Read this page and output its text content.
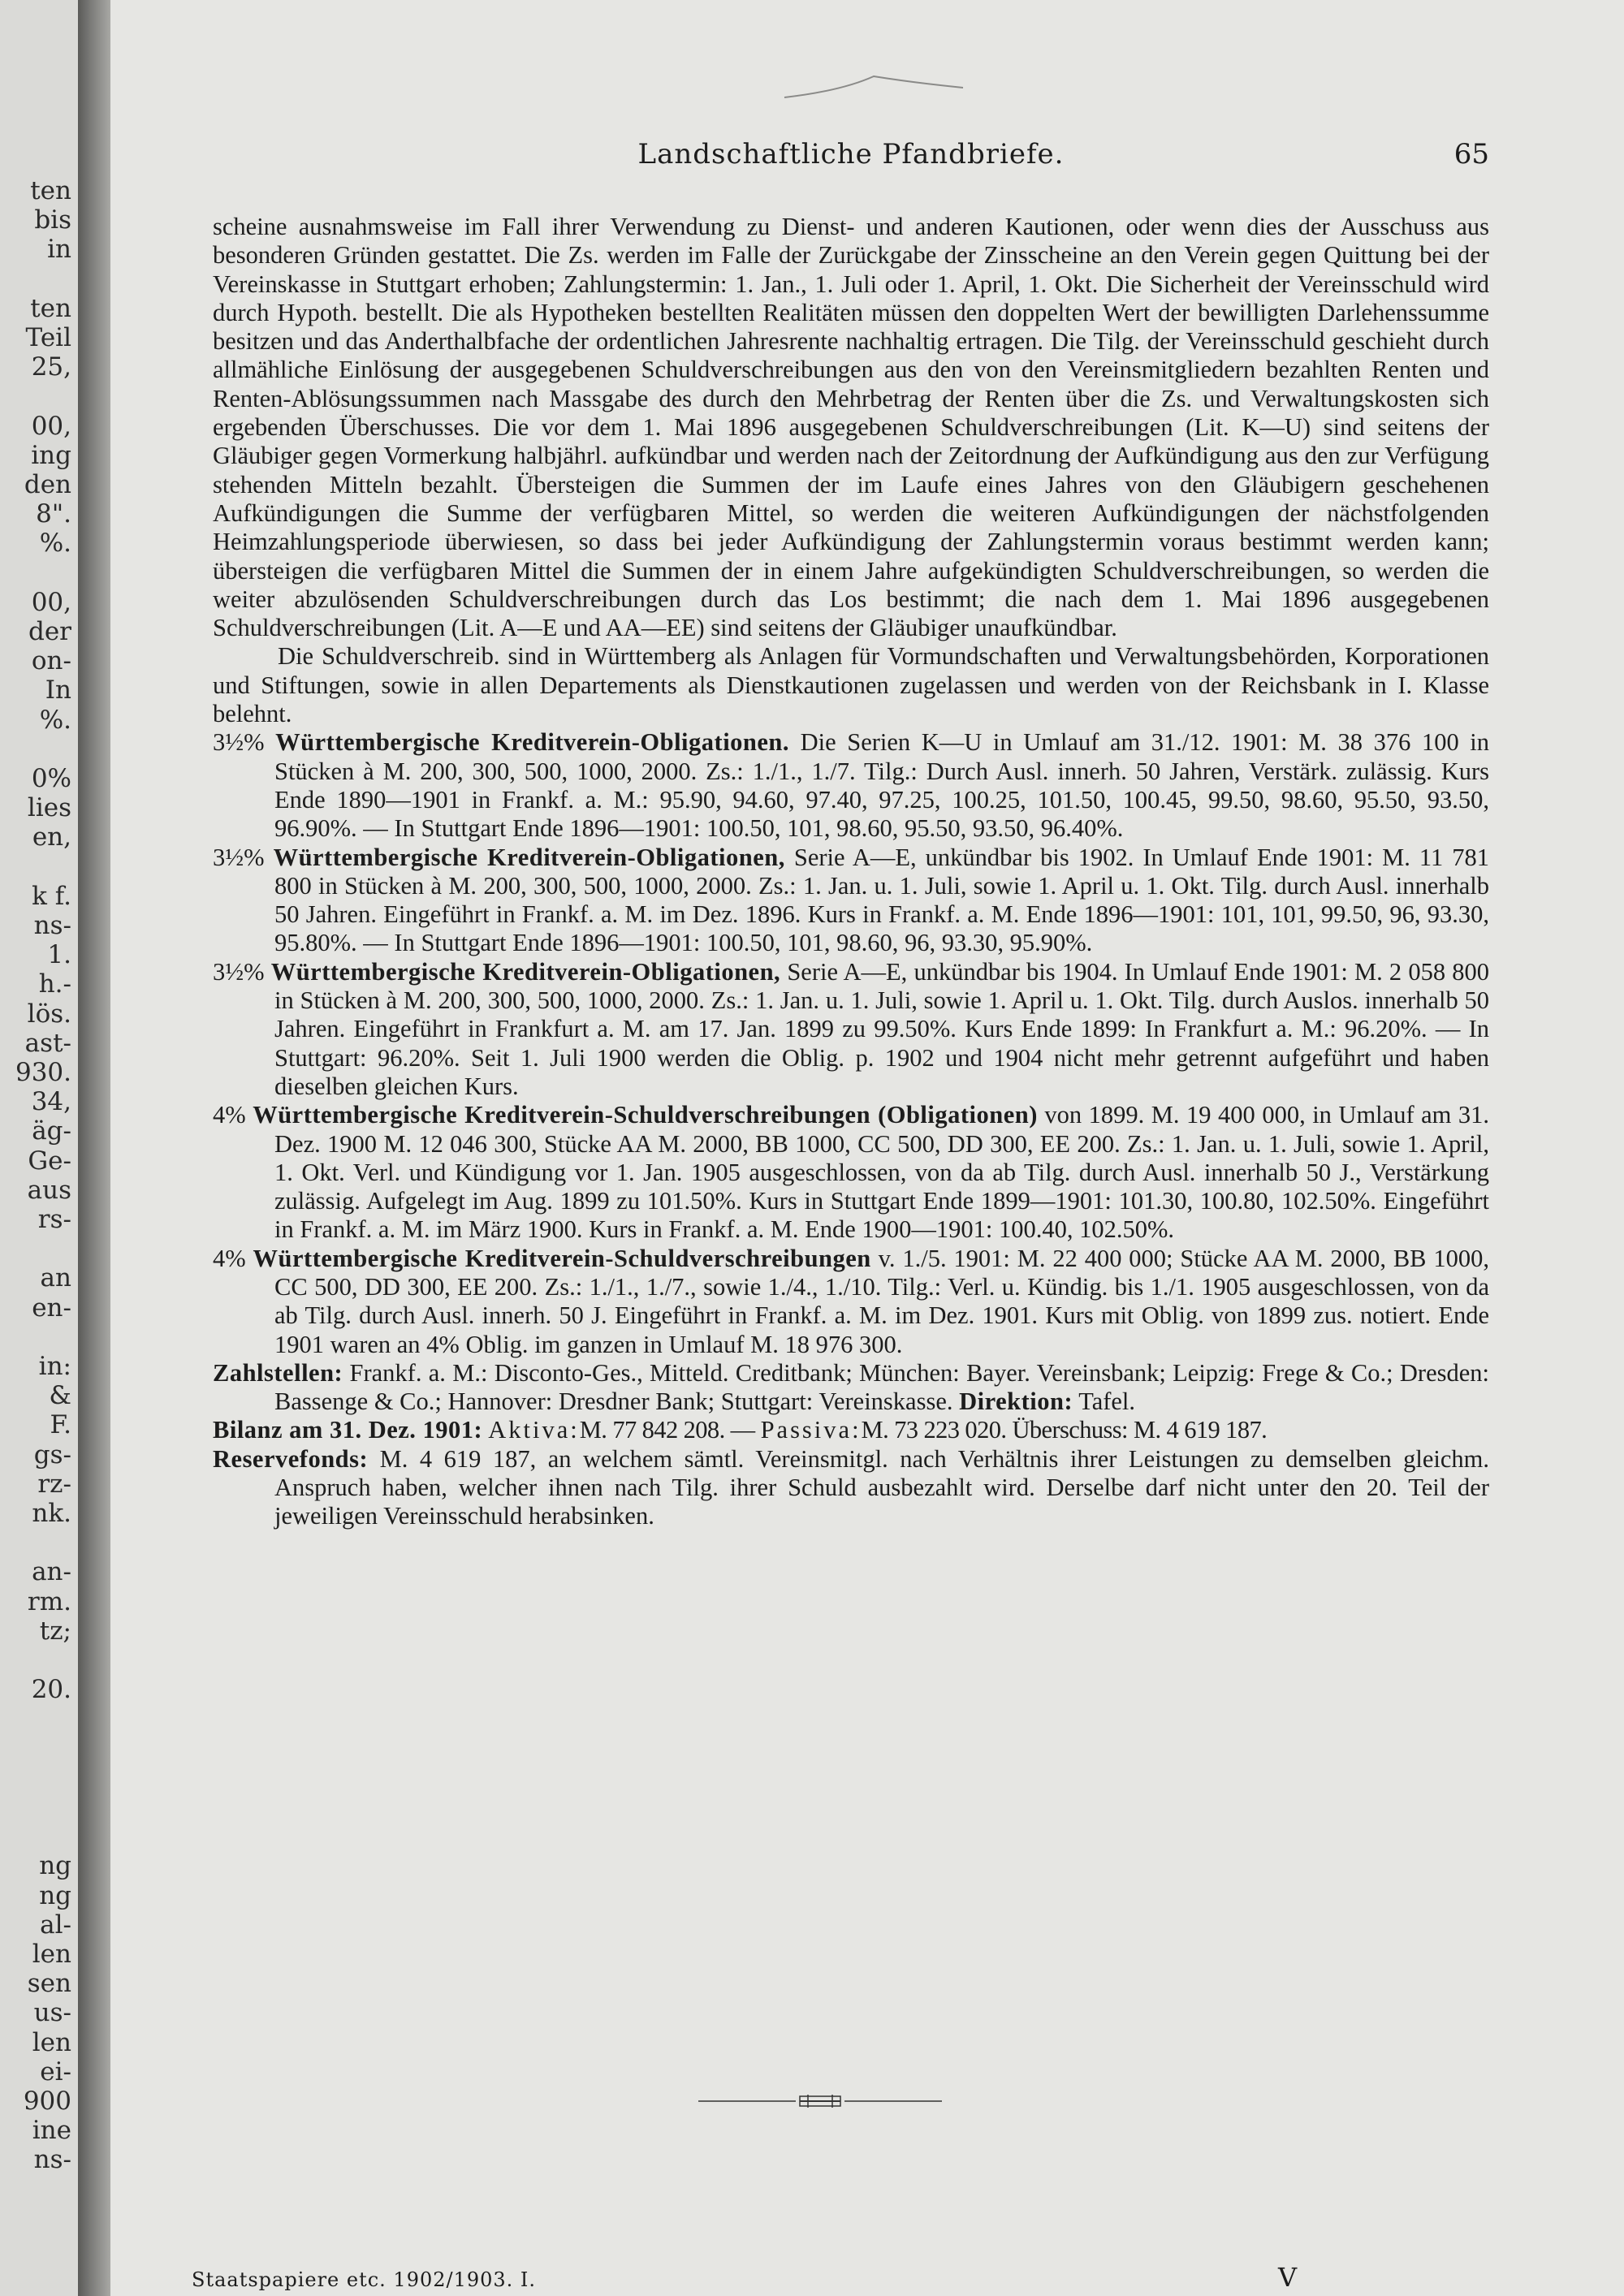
ten
bis
in
ten
Teil
25,
00,
ing
den
8".
%.
00,
der
on-
In
%.
0%
lies
en,
k f.
ns-
1.
h.-
lös.
ast-
930.
34,
äg-
Ge-
aus
rs-
an
en-
in:
&
F.
gs-
rz-
nk.
an-
rm.
tz;
20.
ng
ng
al-
len
sen
us-
len
ei-
900
ine
ns-
Landschaftliche Pfandbriefe.	65

scheine ausnahmsweise im Fall ihrer Verwendung zu Dienst- und anderen Kautionen, oder wenn dies der Ausschuss aus besonderen Gründen gestattet. Die Zs. werden im Falle der Zurückgabe der Zinsscheine an den Verein gegen Quittung bei der Vereinskasse in Stuttgart erhoben; Zahlungstermin: 1. Jan., 1. Juli oder 1. April, 1. Okt. Die Sicherheit der Vereinsschuld wird durch Hypoth. bestellt. Die als Hypotheken bestellten Realitäten müssen den doppelten Wert der bewilligten Darlehenssumme besitzen und das Anderthalbfache der ordentlichen Jahresrente nachhaltig ertragen. Die Tilg. der Vereinsschuld geschieht durch allmähliche Einlösung der ausgegebenen Schuldverschreibungen aus den von den Vereinsmitgliedern bezahlten Renten und Renten-Ablösungssummen nach Massgabe des durch den Mehrbetrag der Renten über die Zs. und Verwaltungskosten sich ergebenden Überschusses. Die vor dem 1. Mai 1896 ausgegebenen Schuldverschreibungen (Lit. K—U) sind seitens der Gläubiger gegen Vormerkung halbjährl. aufkündbar und werden nach der Zeitordnung der Aufkündigung aus den zur Verfügung stehenden Mitteln bezahlt. Übersteigen die Summen der im Laufe eines Jahres von den Gläubigern geschehenen Aufkündigungen die Summe der verfügbaren Mittel, so werden die weiteren Aufkündigungen der nächstfolgenden Heimzahlungsperiode überwiesen, so dass bei jeder Aufkündigung der Zahlungstermin voraus bestimmt werden kann; übersteigen die verfügbaren Mittel die Summen der in einem Jahre aufgekündigten Schuldverschreibungen, so werden die weiter abzulösenden Schuldverschreibungen durch das Los bestimmt; die nach dem 1. Mai 1896 ausgegebenen Schuldverschreibungen (Lit. A—E und AA—EE) sind seitens der Gläubiger unaufkündbar.

Die Schuldverschreib. sind in Württemberg als Anlagen für Vormundschaften und Verwaltungsbehörden, Korporationen und Stiftungen, sowie in allen Departements als Dienstkautionen zugelassen und werden von der Reichsbank in I. Klasse belehnt.

3½% Württembergische Kreditverein-Obligationen. Die Serien K—U in Umlauf am 31./12. 1901: M. 38 376 100 in Stücken à M. 200, 300, 500, 1000, 2000. Zs.: 1./1., 1./7. Tilg.: Durch Ausl. innerh. 50 Jahren, Verstärk. zulässig. Kurs Ende 1890—1901 in Frankf. a. M.: 95.90, 94.60, 97.40, 97.25, 100.25, 101.50, 100.45, 99.50, 98.60, 95.50, 93.50, 96.90%. — In Stuttgart Ende 1896—1901: 100.50, 101, 98.60, 95.50, 93.50, 96.40%.

3½% Württembergische Kreditverein-Obligationen, Serie A—E, unkündbar bis 1902. In Umlauf Ende 1901: M. 11 781 800 in Stücken à M. 200, 300, 500, 1000, 2000. Zs.: 1. Jan. u. 1. Juli, sowie 1. April u. 1. Okt. Tilg. durch Ausl. innerhalb 50 Jahren. Eingeführt in Frankf. a. M. im Dez. 1896. Kurs in Frankf. a. M. Ende 1896—1901: 101, 101, 99.50, 96, 93.30, 95.80%. — In Stuttgart Ende 1896—1901: 100.50, 101, 98.60, 96, 93.30, 95.90%.

3½% Württembergische Kreditverein-Obligationen, Serie A—E, unkündbar bis 1904. In Umlauf Ende 1901: M. 2 058 800 in Stücken à M. 200, 300, 500, 1000, 2000. Zs.: 1. Jan. u. 1. Juli, sowie 1. April u. 1. Okt. Tilg. durch Auslos. innerhalb 50 Jahren. Eingeführt in Frankfurt a. M. am 17. Jan. 1899 zu 99.50%. Kurs Ende 1899: In Frankfurt a. M.: 96.20%. — In Stuttgart: 96.20%. Seit 1. Juli 1900 werden die Oblig. p. 1902 und 1904 nicht mehr getrennt aufgeführt und haben dieselben gleichen Kurs.

4% Württembergische Kreditverein-Schuldverschreibungen (Obligationen) von 1899. M. 19 400 000, in Umlauf am 31. Dez. 1900 M. 12 046 300, Stücke AA M. 2000, BB 1000, CC 500, DD 300, EE 200. Zs.: 1. Jan. u. 1. Juli, sowie 1. April, 1. Okt. Verl. und Kündigung vor 1. Jan. 1905 ausgeschlossen, von da ab Tilg. durch Ausl. innerhalb 50 J., Verstärkung zulässig. Aufgelegt im Aug. 1899 zu 101.50%. Kurs in Stuttgart Ende 1899—1901: 101.30, 100.80, 102.50%. Eingeführt in Frankf. a. M. im März 1900. Kurs in Frankf. a. M. Ende 1900—1901: 100.40, 102.50%.

4% Württembergische Kreditverein-Schuldverschreibungen v. 1./5. 1901: M. 22 400 000; Stücke AA M. 2000, BB 1000, CC 500, DD 300, EE 200. Zs.: 1./1., 1./7., sowie 1./4., 1./10. Tilg.: Verl. u. Kündig. bis 1./1. 1905 ausgeschlossen, von da ab Tilg. durch Ausl. innerh. 50 J. Eingeführt in Frankf. a. M. im Dez. 1901. Kurs mit Oblig. von 1899 zus. notiert. Ende 1901 waren an 4% Oblig. im ganzen in Umlauf M. 18 976 300.

Zahlstellen: Frankf. a. M.: Disconto-Ges., Mitteld. Creditbank; München: Bayer. Vereinsbank; Leipzig: Frege & Co.; Dresden: Bassenge & Co.; Hannover: Dresdner Bank; Stuttgart: Vereinskasse. Direktion: Tafel.

Bilanz am 31. Dez. 1901: Aktiva:M. 77 842 208. — Passiva:M. 73 223 020. Überschuss: M. 4 619 187.

Reservefonds: M. 4 619 187, an welchem sämtl. Vereinsmitgl. nach Verhältnis ihrer Leistungen zu demselben gleichm. Anspruch haben, welcher ihnen nach Tilg. ihrer Schuld ausbezahlt wird. Derselbe darf nicht unter den 20. Teil der jeweiligen Vereinsschuld herabsinken.

Staatspapiere etc. 1902/1903. I.	V
